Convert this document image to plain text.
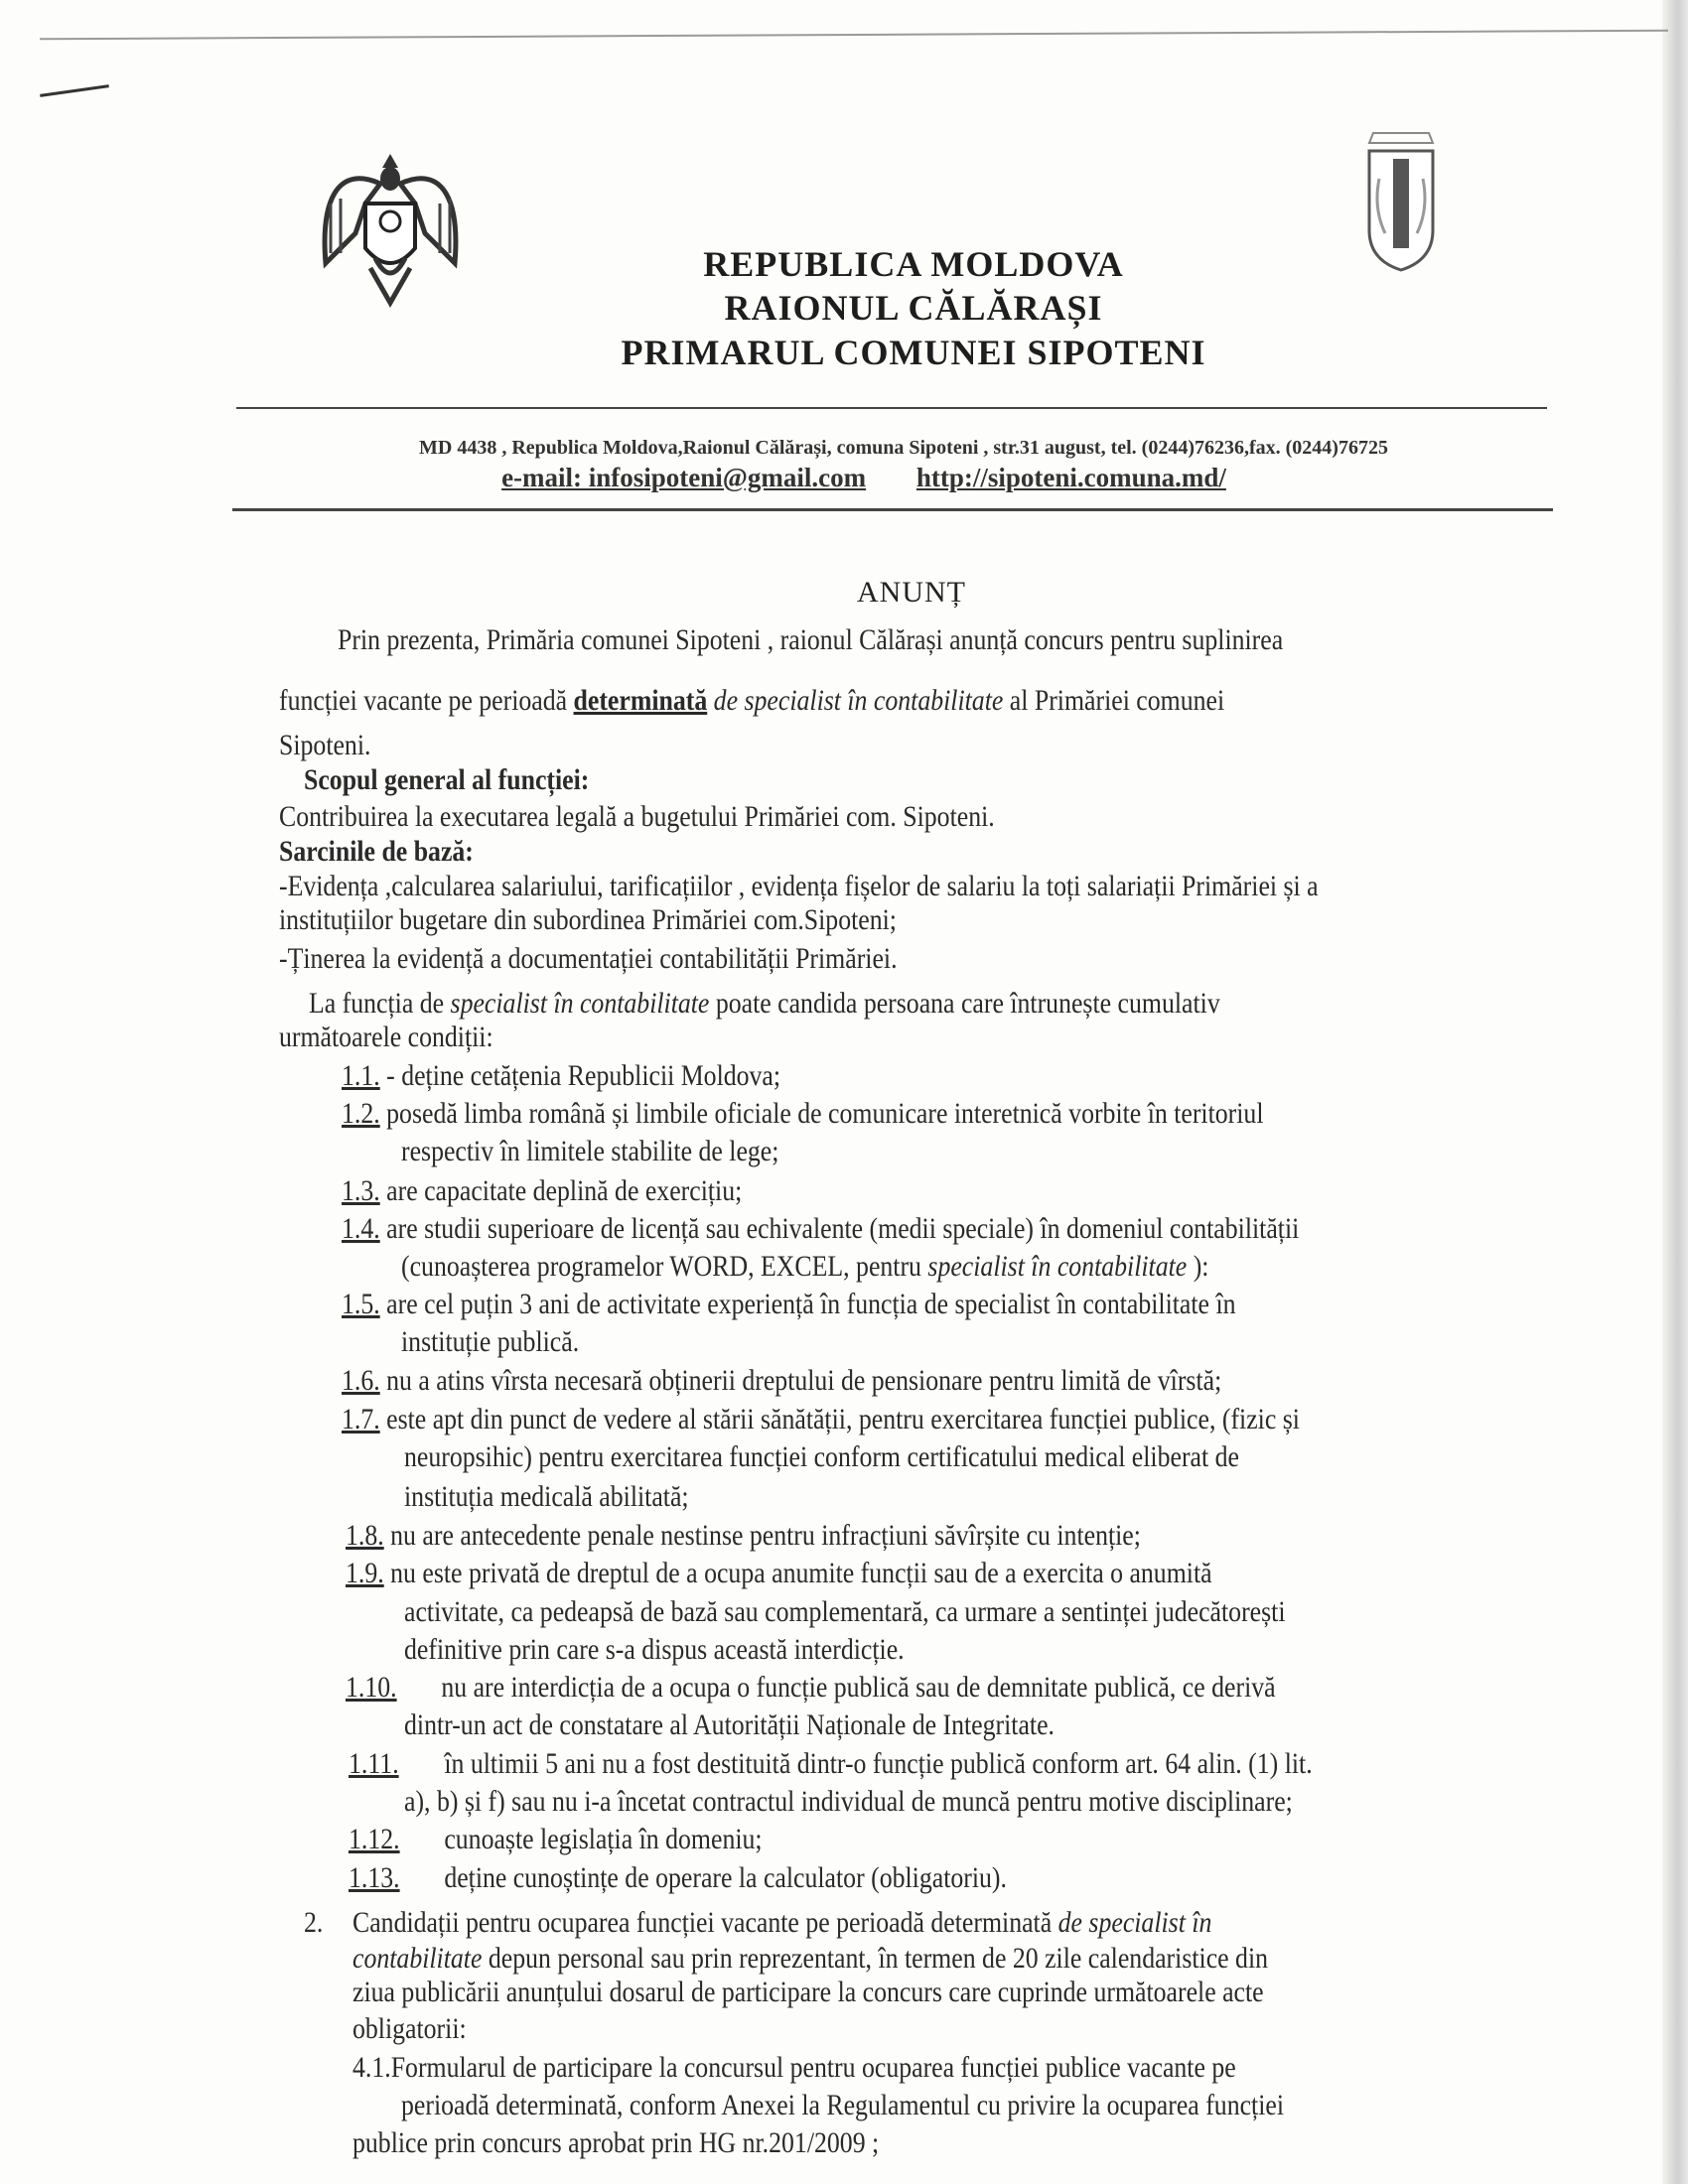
REPUBLICA MOLDOVA
RAIONUL CĂLĂRAȘI
PRIMARUL COMUNEI SIPOTENI
MD 4438 , Republica Moldova,Raionul Călărași, comuna Sipoteni , str.31 august, tel. (0244)76236,fax. (0244)76725
e-mail: infosipoteni@gmail.com http://sipoteni.comuna.md/
ANUNȚ
Prin prezenta, Primăria comunei Sipoteni , raionul Călărași anunță concurs pentru suplinirea
funcției vacante pe perioadă determinată de specialist în contabilitate al Primăriei comunei
Sipoteni.
Scopul general al funcției:
Contribuirea la executarea legală a bugetului Primăriei com. Sipoteni.
Sarcinile de bază:
-Evidența ,calcularea salariului, tarificațiilor , evidența fișelor de salariu la toți salariații Primăriei și a
instituțiilor bugetare din subordinea Primăriei com.Sipoteni;
-Ținerea la evidență a documentației contabilității Primăriei.
La funcția de specialist în contabilitate poate candida persoana care întrunește cumulativ
următoarele condiții:
1.1. - deține cetățenia Republicii Moldova;
1.2. posedă limba română și limbile oficiale de comunicare interetnică vorbite în teritoriul
respectiv în limitele stabilite de lege;
1.3. are capacitate deplină de exercițiu;
1.4. are studii superioare de licență sau echivalente (medii speciale) în domeniul contabilității
(cunoașterea programelor WORD, EXCEL, pentru specialist în contabilitate ):
1.5. are cel puțin 3 ani de activitate experiență în funcția de specialist în contabilitate în
instituție publică.
1.6. nu a atins vîrsta necesară obținerii dreptului de pensionare pentru limită de vîrstă;
1.7. este apt din punct de vedere al stării sănătății, pentru exercitarea funcției publice, (fizic și
neuropsihic) pentru exercitarea funcției conform certificatului medical eliberat de
instituția medicală abilitată;
1.8. nu are antecedente penale nestinse pentru infracțiuni săvîrșite cu intenție;
1.9. nu este privată de dreptul de a ocupa anumite funcții sau de a exercita o anumită
activitate, ca pedeapsă de bază sau complementară, ca urmare a sentinței judecătorești
definitive prin care s-a dispus această interdicție.
1.10. nu are interdicția de a ocupa o funcție publică sau de demnitate publică, ce derivă
dintr-un act de constatare al Autorității Naționale de Integritate.
1.11. în ultimii 5 ani nu a fost destituită dintr-o funcție publică conform art. 64 alin. (1) lit.
a), b) și f) sau nu i-a încetat contractul individual de muncă pentru motive disciplinare;
1.12. cunoaște legislația în domeniu;
1.13. deține cunoștințe de operare la calculator (obligatoriu).
2. Candidații pentru ocuparea funcției vacante pe perioadă determinată de specialist în
contabilitate depun personal sau prin reprezentant, în termen de 20 zile calendaristice din
ziua publicării anunțului dosarul de participare la concurs care cuprinde următoarele acte
obligatorii:
4.1.Formularul de participare la concursul pentru ocuparea funcției publice vacante pe
perioadă determinată, conform Anexei la Regulamentul cu privire la ocuparea funcției
publice prin concurs aprobat prin HG nr.201/2009 ;
